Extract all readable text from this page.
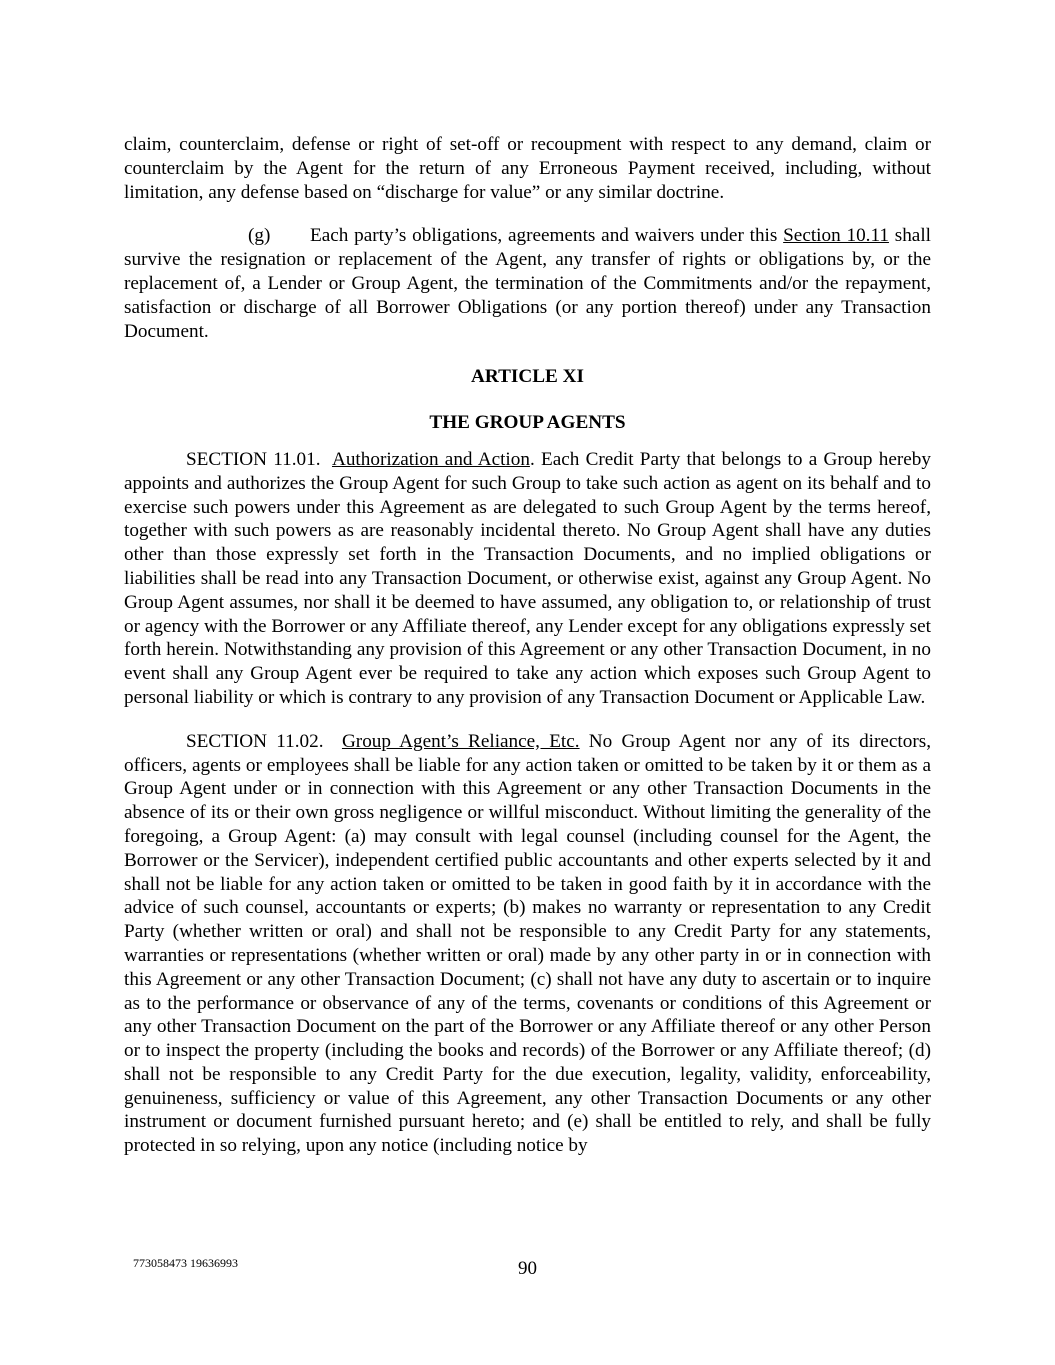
claim, counterclaim, defense or right of set-off or recoupment with respect to any demand, claim or counterclaim by the Agent for the return of any Erroneous Payment received, including, without limitation, any defense based on “discharge for value” or any similar doctrine.

(g) Each party’s obligations, agreements and waivers under this Section 10.11 shall survive the resignation or replacement of the Agent, any transfer of rights or obligations by, or the replacement of, a Lender or Group Agent, the termination of the Commitments and/or the repayment, satisfaction or discharge of all Borrower Obligations (or any portion thereof) under any Transaction Document.

ARTICLE XI

THE GROUP AGENTS

SECTION 11.01. Authorization and Action. Each Credit Party that belongs to a Group hereby appoints and authorizes the Group Agent for such Group to take such action as agent on its behalf and to exercise such powers under this Agreement as are delegated to such Group Agent by the terms hereof, together with such powers as are reasonably incidental thereto. No Group Agent shall have any duties other than those expressly set forth in the Transaction Documents, and no implied obligations or liabilities shall be read into any Transaction Document, or otherwise exist, against any Group Agent. No Group Agent assumes, nor shall it be deemed to have assumed, any obligation to, or relationship of trust or agency with the Borrower or any Affiliate thereof, any Lender except for any obligations expressly set forth herein. Notwithstanding any provision of this Agreement or any other Transaction Document, in no event shall any Group Agent ever be required to take any action which exposes such Group Agent to personal liability or which is contrary to any provision of any Transaction Document or Applicable Law.

SECTION 11.02. Group Agent’s Reliance, Etc. No Group Agent nor any of its directors, officers, agents or employees shall be liable for any action taken or omitted to be taken by it or them as a Group Agent under or in connection with this Agreement or any other Transaction Documents in the absence of its or their own gross negligence or willful misconduct. Without limiting the generality of the foregoing, a Group Agent: (a) may consult with legal counsel (including counsel for the Agent, the Borrower or the Servicer), independent certified public accountants and other experts selected by it and shall not be liable for any action taken or omitted to be taken in good faith by it in accordance with the advice of such counsel, accountants or experts; (b) makes no warranty or representation to any Credit Party (whether written or oral) and shall not be responsible to any Credit Party for any statements, warranties or representations (whether written or oral) made by any other party in or in connection with this Agreement or any other Transaction Document; (c) shall not have any duty to ascertain or to inquire as to the performance or observance of any of the terms, covenants or conditions of this Agreement or any other Transaction Document on the part of the Borrower or any Affiliate thereof or any other Person or to inspect the property (including the books and records) of the Borrower or any Affiliate thereof; (d) shall not be responsible to any Credit Party for the due execution, legality, validity, enforceability, genuineness, sufficiency or value of this Agreement, any other Transaction Documents or any other instrument or document furnished pursuant hereto; and (e) shall be entitled to rely, and shall be fully protected in so relying, upon any notice (including notice by

773058473 19636993	90
